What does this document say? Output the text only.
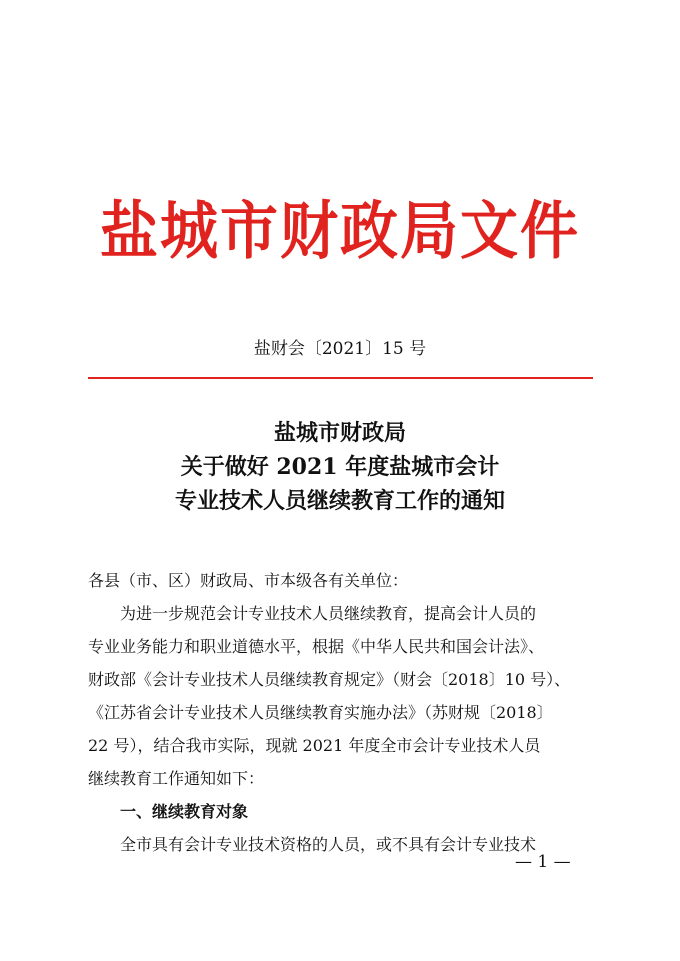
盐城市财政局文件
盐财会〔2021〕15 号
盐城市财政局
关于做好 2021 年度盐城市会计
专业技术人员继续教育工作的通知
各县（市、区）财政局、市本级各有关单位：
为进一步规范会计专业技术人员继续教育，提高会计人员的
专业业务能力和职业道德水平，根据《中华人民共和国会计法》、
财政部《会计专业技术人员继续教育规定》（财会〔2018〕10 号）、
《江苏省会计专业技术人员继续教育实施办法》（苏财规〔2018〕
22 号），结合我市实际，现就 2021 年度全市会计专业技术人员
继续教育工作通知如下：
一、继续教育对象
全市具有会计专业技术资格的人员，或不具有会计专业技术
— 1 —
